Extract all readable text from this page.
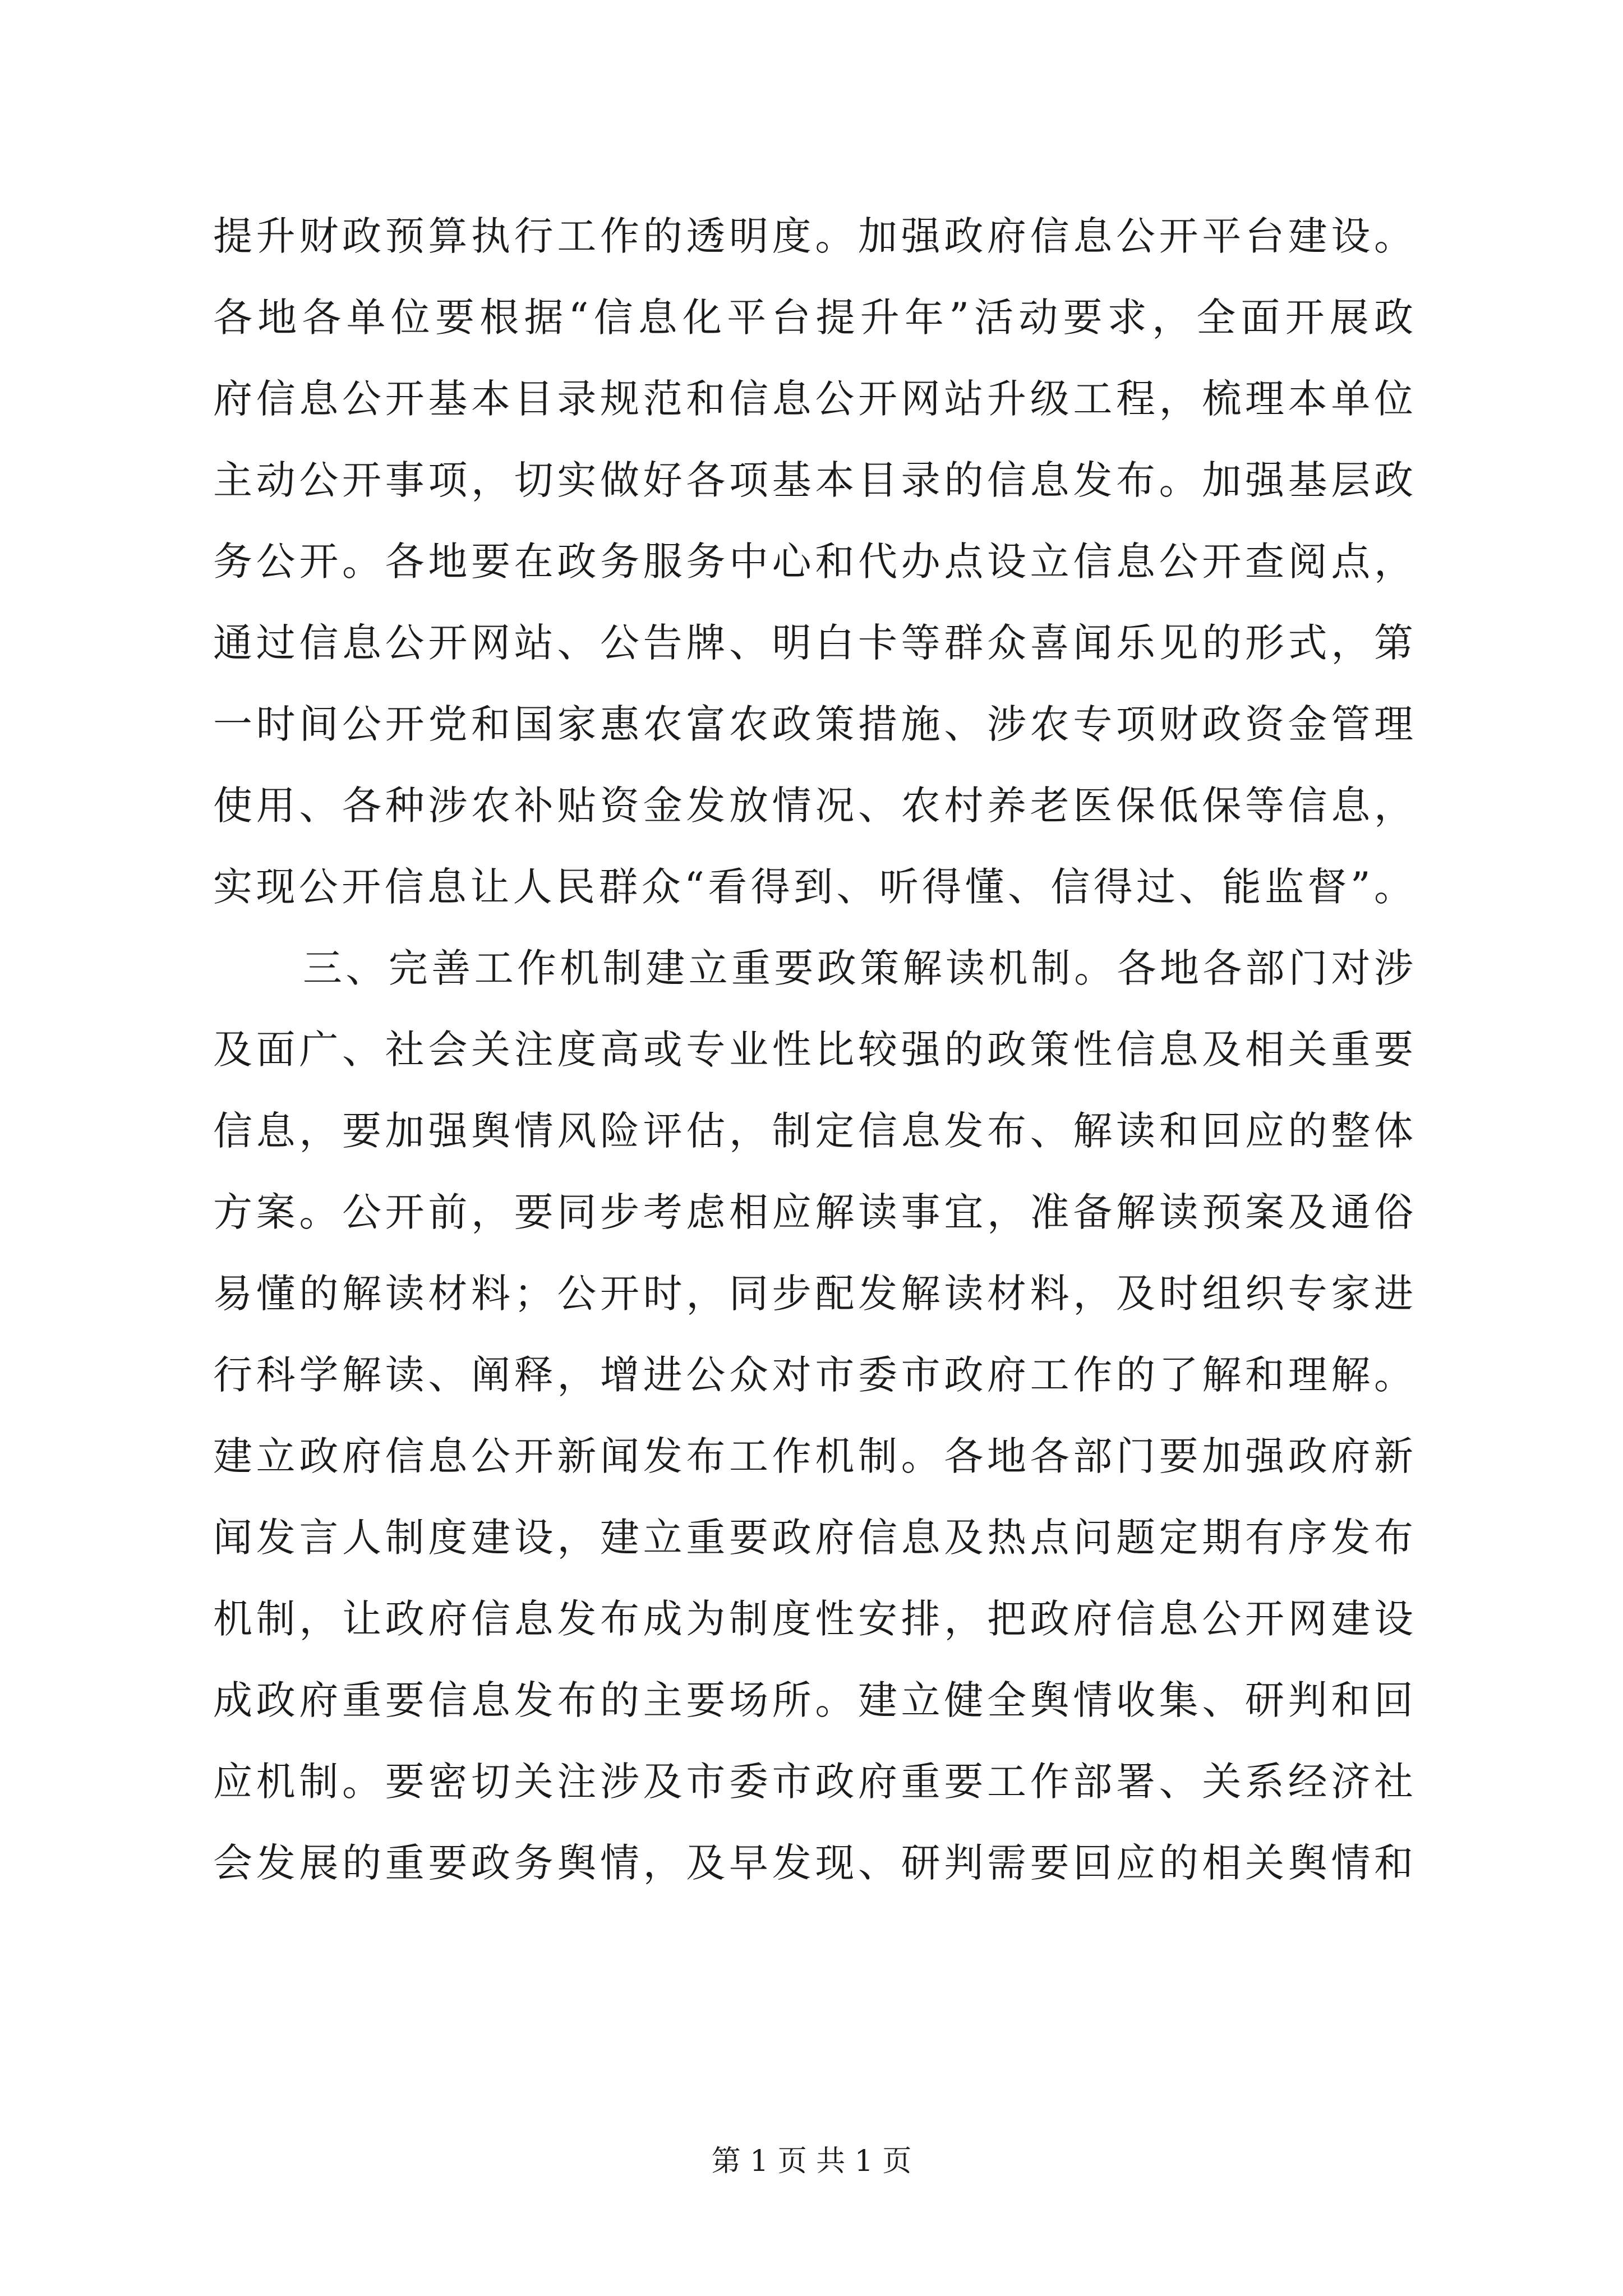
提升财政预算执行工作的透明度。加强政府信息公开平台建设。
各地各单位要根据“信息化平台提升年”活动要求，全面开展政
府信息公开基本目录规范和信息公开网站升级工程，梳理本单位
主动公开事项，切实做好各项基本目录的信息发布。加强基层政
务公开。各地要在政务服务中心和代办点设立信息公开查阅点，
通过信息公开网站、公告牌、明白卡等群众喜闻乐见的形式，第
一时间公开党和国家惠农富农政策措施、涉农专项财政资金管理
使用、各种涉农补贴资金发放情况、农村养老医保低保等信息，
实现公开信息让人民群众“看得到、听得懂、信得过、能监督”。
三、完善工作机制建立重要政策解读机制。各地各部门对涉
及面广、社会关注度高或专业性比较强的政策性信息及相关重要
信息，要加强舆情风险评估，制定信息发布、解读和回应的整体
方案。公开前，要同步考虑相应解读事宜，准备解读预案及通俗
易懂的解读材料；公开时，同步配发解读材料，及时组织专家进
行科学解读、阐释，增进公众对市委市政府工作的了解和理解。
建立政府信息公开新闻发布工作机制。各地各部门要加强政府新
闻发言人制度建设，建立重要政府信息及热点问题定期有序发布
机制，让政府信息发布成为制度性安排，把政府信息公开网建设
成政府重要信息发布的主要场所。建立健全舆情收集、研判和回
应机制。要密切关注涉及市委市政府重要工作部署、关系经济社
会发展的重要政务舆情，及早发现、研判需要回应的相关舆情和
第 1 页 共 1 页
